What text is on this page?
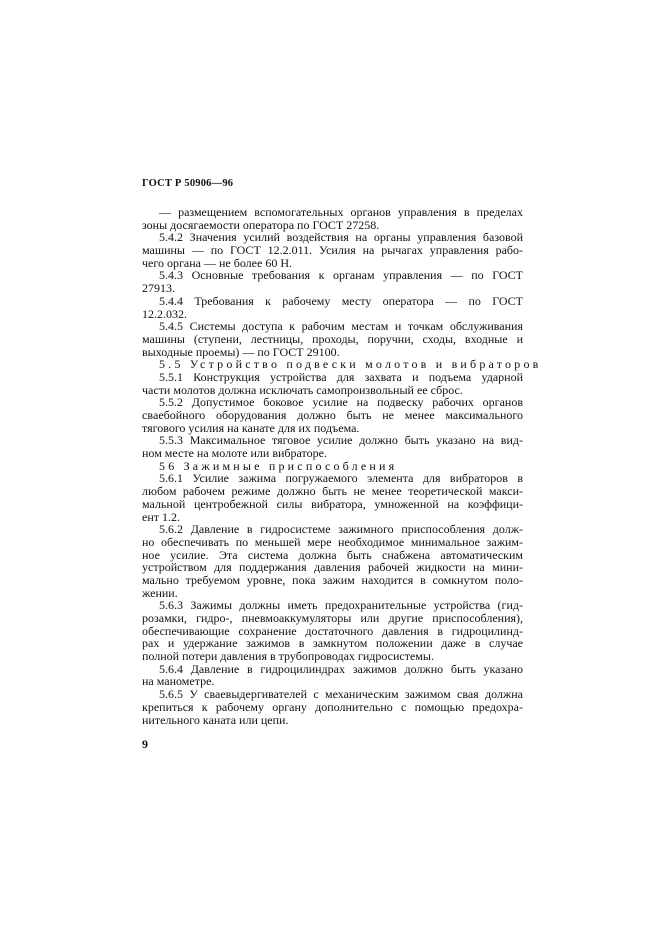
ГОСТ Р 50906—96
— размещением вспомогательных органов управления в пределах
зоны досягаемости оператора по ГОСТ 27258.
5.4.2 Значения усилий воздействия на органы управления базовой
машины — по ГОСТ 12.2.011. Усилия на рычагах управления рабо-
чего органа — не более 60 Н.
5.4.3 Основные требования к органам управления — по ГОСТ
27913.
5.4.4 Требования к рабочему месту оператора — по ГОСТ
12.2.032.
5.4.5 Системы доступа к рабочим местам и точкам обслуживания
машины (ступени, лестницы, проходы, поручни, сходы, входные и
выходные проемы) — по ГОСТ 29100.
5.5 Устройство подвески молотов и вибраторов
5.5.1 Конструкция устройства для захвата и подъема ударной
части молотов должна исключать самопроизвольный ее сброс.
5.5.2 Допустимое боковое усилие на подвеску рабочих органов
свaeбойного оборудования должно быть не менее максимального
тягового усилия на канате для их подъема.
5.5.3 Максимальное тяговое усилие должно быть указано на вид-
ном месте на молоте или вибраторе.
56 Зажимные приспособления
5.6.1 Усилие зажима погружаемого элемента для вибраторов в
любом рабочем режиме должно быть не менее теоретической макси-
мальной центробежной силы вибратора, умноженной на коэффици-
ент 1.2.
5.6.2 Давление в гидросистеме зажимного приспособления долж-
но обеспечивать по меньшей мере необходимое минимальное зажим-
ное усилие. Эта система должна быть снабжена автоматическим
устройством для поддержания давления рабочей жидкости на мини-
мально требуемом уровне, пока зажим находится в сомкнутом поло-
жении.
5.6.3 Зажимы должны иметь предохранительные устройства (гид-
розамки, гидро-, пневмоаккумуляторы или другие приспособления),
обеспечивающие сохранение достаточного давления в гидроцилинд-
рах и удержание зажимов в замкнутом положении даже в случае
полной потери давления в трубопроводах гидросистемы.
5.6.4 Давление в гидроцилиндрах зажимов должно быть указано
на манометре.
5.6.5 У сваевыдергивателей с механическим зажимом свая должна
крепиться к рабочему органу дополнительно с помощью предохра-
нительного каната или цепи.
9
